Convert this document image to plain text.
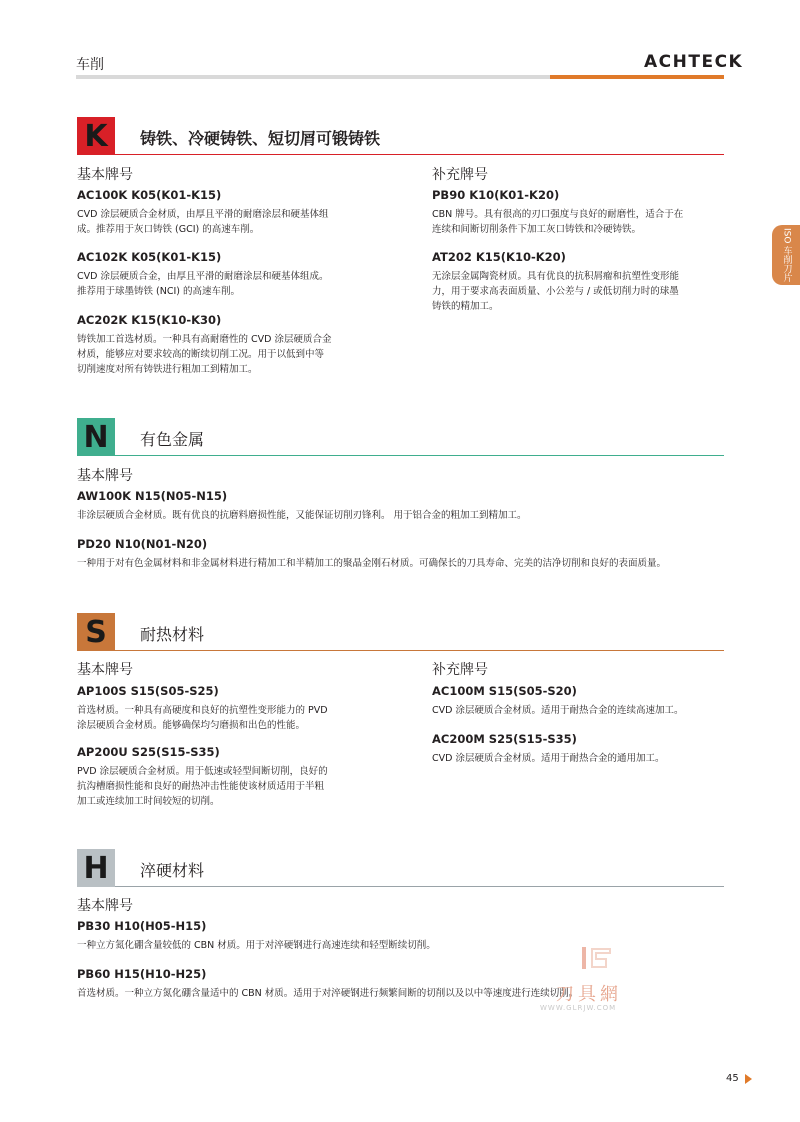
车削	ACHTECK
ISO 车削刀片
K	铸铁、冷硬铸铁、短切屑可锻铸铁
基本牌号
AC100K K05(K01-K15)
CVD 涂层硬质合金材质，由厚且平滑的耐磨涂层和硬基体组
成。推荐用于灰口铸铁 (GCI) 的高速车削。
AC102K K05(K01-K15)
CVD 涂层硬质合金，由厚且平滑的耐磨涂层和硬基体组成。
推荐用于球墨铸铁 (NCI) 的高速车削。
AC202K K15(K10-K30)
铸铁加工首选材质。一种具有高耐磨性的 CVD 涂层硬质合金
材质，能够应对要求较高的断续切削工况。用于以低到中等
切削速度对所有铸铁进行粗加工到精加工。
补充牌号
PB90 K10(K01-K20)
CBN 牌号。具有很高的刃口强度与良好的耐磨性，适合于在
连续和间断切削条件下加工灰口铸铁和冷硬铸铁。
AT202 K15(K10-K20)
无涂层金属陶瓷材质。具有优良的抗积屑瘤和抗塑性变形能
力，用于要求高表面质量、小公差与 / 或低切削力时的球墨
铸铁的精加工。
N	有色金属
基本牌号
AW100K N15(N05-N15)
非涂层硬质合金材质。既有优良的抗磨料磨损性能，又能保证切削刃锋利。 用于铝合金的粗加工到精加工。
PD20 N10(N01-N20)
一种用于对有色金属材料和非金属材料进行精加工和半精加工的聚晶金刚石材质。可确保长的刀具寿命、完美的洁净切削和良好的表面质量。
S	耐热材料
基本牌号
AP100S S15(S05-S25)
首选材质。一种具有高硬度和良好的抗塑性变形能力的 PVD
涂层硬质合金材质。能够确保均匀磨损和出色的性能。
AP200U S25(S15-S35)
PVD 涂层硬质合金材质。用于低速或轻型间断切削，良好的
抗沟槽磨损性能和良好的耐热冲击性能使该材质适用于半粗
加工或连续加工时间较短的切削。
补充牌号
AC100M S15(S05-S20)
CVD 涂层硬质合金材质。适用于耐热合金的连续高速加工。
AC200M S25(S15-S35)
CVD 涂层硬质合金材质。适用于耐热合金的通用加工。
H	淬硬材料
基本牌号
PB30 H10(H05-H15)
一种立方氮化硼含量较低的 CBN 材质。用于对淬硬钢进行高速连续和轻型断续切削。
PB60 H15(H10-H25)
首选材质。一种立方氮化硼含量适中的 CBN 材质。适用于对淬硬钢进行频繁间断的切削以及以中等速度进行连续切削。
刀具網
WWW.GLRJW.COM
45
